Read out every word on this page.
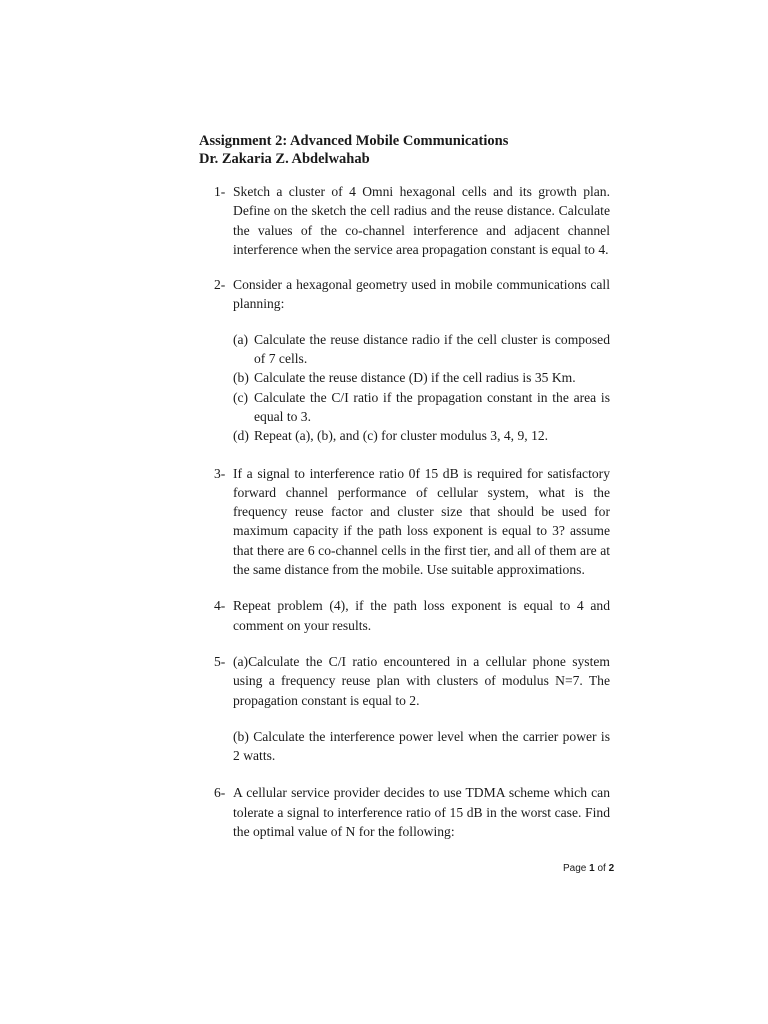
Assignment 2: Advanced Mobile Communications
Dr. Zakaria Z. Abdelwahab
1- Sketch a cluster of 4 Omni hexagonal cells and its growth plan. Define on the sketch the cell radius and the reuse distance. Calculate the values of the co-channel interference and adjacent channel interference when the service area propagation constant is equal to 4.
2- Consider a hexagonal geometry used in mobile communications call planning:
(a) Calculate the reuse distance radio if the cell cluster is composed of 7 cells.
(b) Calculate the reuse distance (D) if the cell radius is 35 Km.
(c) Calculate the C/I ratio if the propagation constant in the area is equal to 3.
(d) Repeat (a), (b), and (c) for cluster modulus 3, 4, 9, 12.
3- If a signal to interference ratio 0f 15 dB is required for satisfactory forward channel performance of cellular system, what is the frequency reuse factor and cluster size that should be used for maximum capacity if the path loss exponent is equal to 3? assume that there are 6 co-channel cells in the first tier, and all of them are at the same distance from the mobile. Use suitable approximations.
4- Repeat problem (4), if the path loss exponent is equal to 4 and comment on your results.
5- (a)Calculate the C/I ratio encountered in a cellular phone system using a frequency reuse plan with clusters of modulus N=7. The propagation constant is equal to 2.

(b) Calculate the interference power level when the carrier power is 2 watts.

6- A cellular service provider decides to use TDMA scheme which can tolerate a signal to interference ratio of 15 dB in the worst case. Find the optimal value of N for the following:
Page 1 of 2
